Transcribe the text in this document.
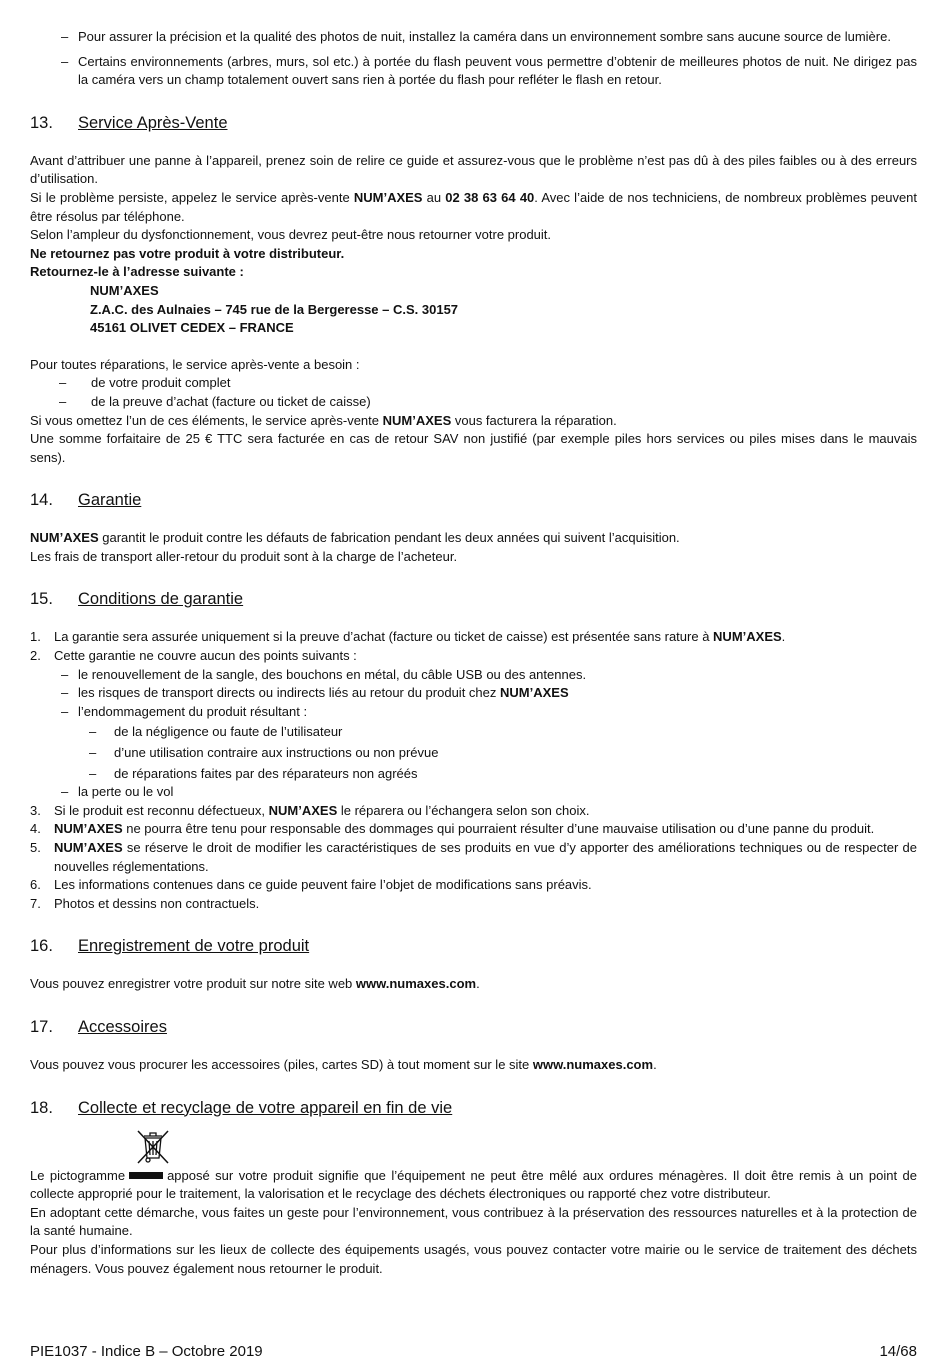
– Pour assurer la précision et la qualité des photos de nuit, installez la caméra dans un environnement sombre sans aucune source de lumière.
– Certains environnements (arbres, murs, sol etc.) à portée du flash peuvent vous permettre d’obtenir de meilleures photos de nuit. Ne dirigez pas la caméra vers un champ totalement ouvert sans rien à portée du flash pour refléter le flash en retour.
13.	Service Après-Vente

Avant d’attribuer une panne à l’appareil, prenez soin de relire ce guide et assurez-vous que le problème n’est pas dû à des piles faibles ou à des erreurs d’utilisation.

Si le problème persiste, appelez le service après-vente NUM’AXES au 02 38 63 64 40. Avec l’aide de nos techniciens, de nombreux problèmes peuvent être résolus par téléphone.

Selon l’ampleur du dysfonctionnement, vous devrez peut-être nous retourner votre produit.

Ne retournez pas votre produit à votre distributeur.

Retournez-le à l’adresse suivante :

NUM’AXES
Z.A.C. des Aulnaies – 745 rue de la Bergeresse – C.S. 30157
45161 OLIVET CEDEX – FRANCE

Pour toutes réparations, le service après-vente a besoin :

– de votre produit complet
– de la preuve d’achat (facture ou ticket de caisse)

Si vous omettez l’un de ces éléments, le service après-vente NUM’AXES vous facturera la réparation.

Une somme forfaitaire de 25 € TTC sera facturée en cas de retour SAV non justifié (par exemple piles hors services ou piles mises dans le mauvais sens).

14.	Garantie

NUM’AXES garantit le produit contre les défauts de fabrication pendant les deux années qui suivent l’acquisition.

Les frais de transport aller-retour du produit sont à la charge de l’acheteur.

15.	Conditions de garantie
1.	La garantie sera assurée uniquement si la preuve d’achat (facture ou ticket de caisse) est présentée sans rature à NUM’AXES.
2.	Cette garantie ne couvre aucun des points suivants :
– le renouvellement de la sangle, des bouchons en métal, du câble USB ou des antennes.
– les risques de transport directs ou indirects liés au retour du produit chez NUM’AXES
– l’endommagement du produit résultant :
– de la négligence ou faute de l’utilisateur
– d’une utilisation contraire aux instructions ou non prévue
– de réparations faites par des réparateurs non agréés
– la perte ou le vol
3.	Si le produit est reconnu défectueux, NUM’AXES le réparera ou l’échangera selon son choix.
4.	NUM’AXES ne pourra être tenu pour responsable des dommages qui pourraient résulter d’une mauvaise utilisation ou d’une panne du produit.
5.	NUM’AXES se réserve le droit de modifier les caractéristiques de ses produits en vue d’y apporter des améliorations techniques ou de respecter de nouvelles réglementations.
6.	Les informations contenues dans ce guide peuvent faire l’objet de modifications sans préavis.
7.	Photos et dessins non contractuels.
16.	Enregistrement de votre produit

Vous pouvez enregistrer votre produit sur notre site web www.numaxes.com.

17.	Accessoires

Vous pouvez vous procurer les accessoires (piles, cartes SD) à tout moment sur le site www.numaxes.com.

18.	Collecte et recyclage de votre appareil en fin de vie

Le pictogramme	apposé sur votre produit signifie que l’équipement ne peut être mêlé aux ordures ménagères. Il doit être remis à un point de collecte approprié pour le traitement, la valorisation et le recyclage des déchets électroniques ou rapporté chez votre distributeur.

En adoptant cette démarche, vous faites un geste pour l’environnement, vous contribuez à la préservation des ressources naturelles et à la protection de la santé humaine.

Pour plus d’informations sur les lieux de collecte des équipements usagés, vous pouvez contacter votre mairie ou le service de traitement des déchets ménagers. Vous pouvez également nous retourner le produit.

PIE1037 - Indice B – Octobre 2019	14/68
